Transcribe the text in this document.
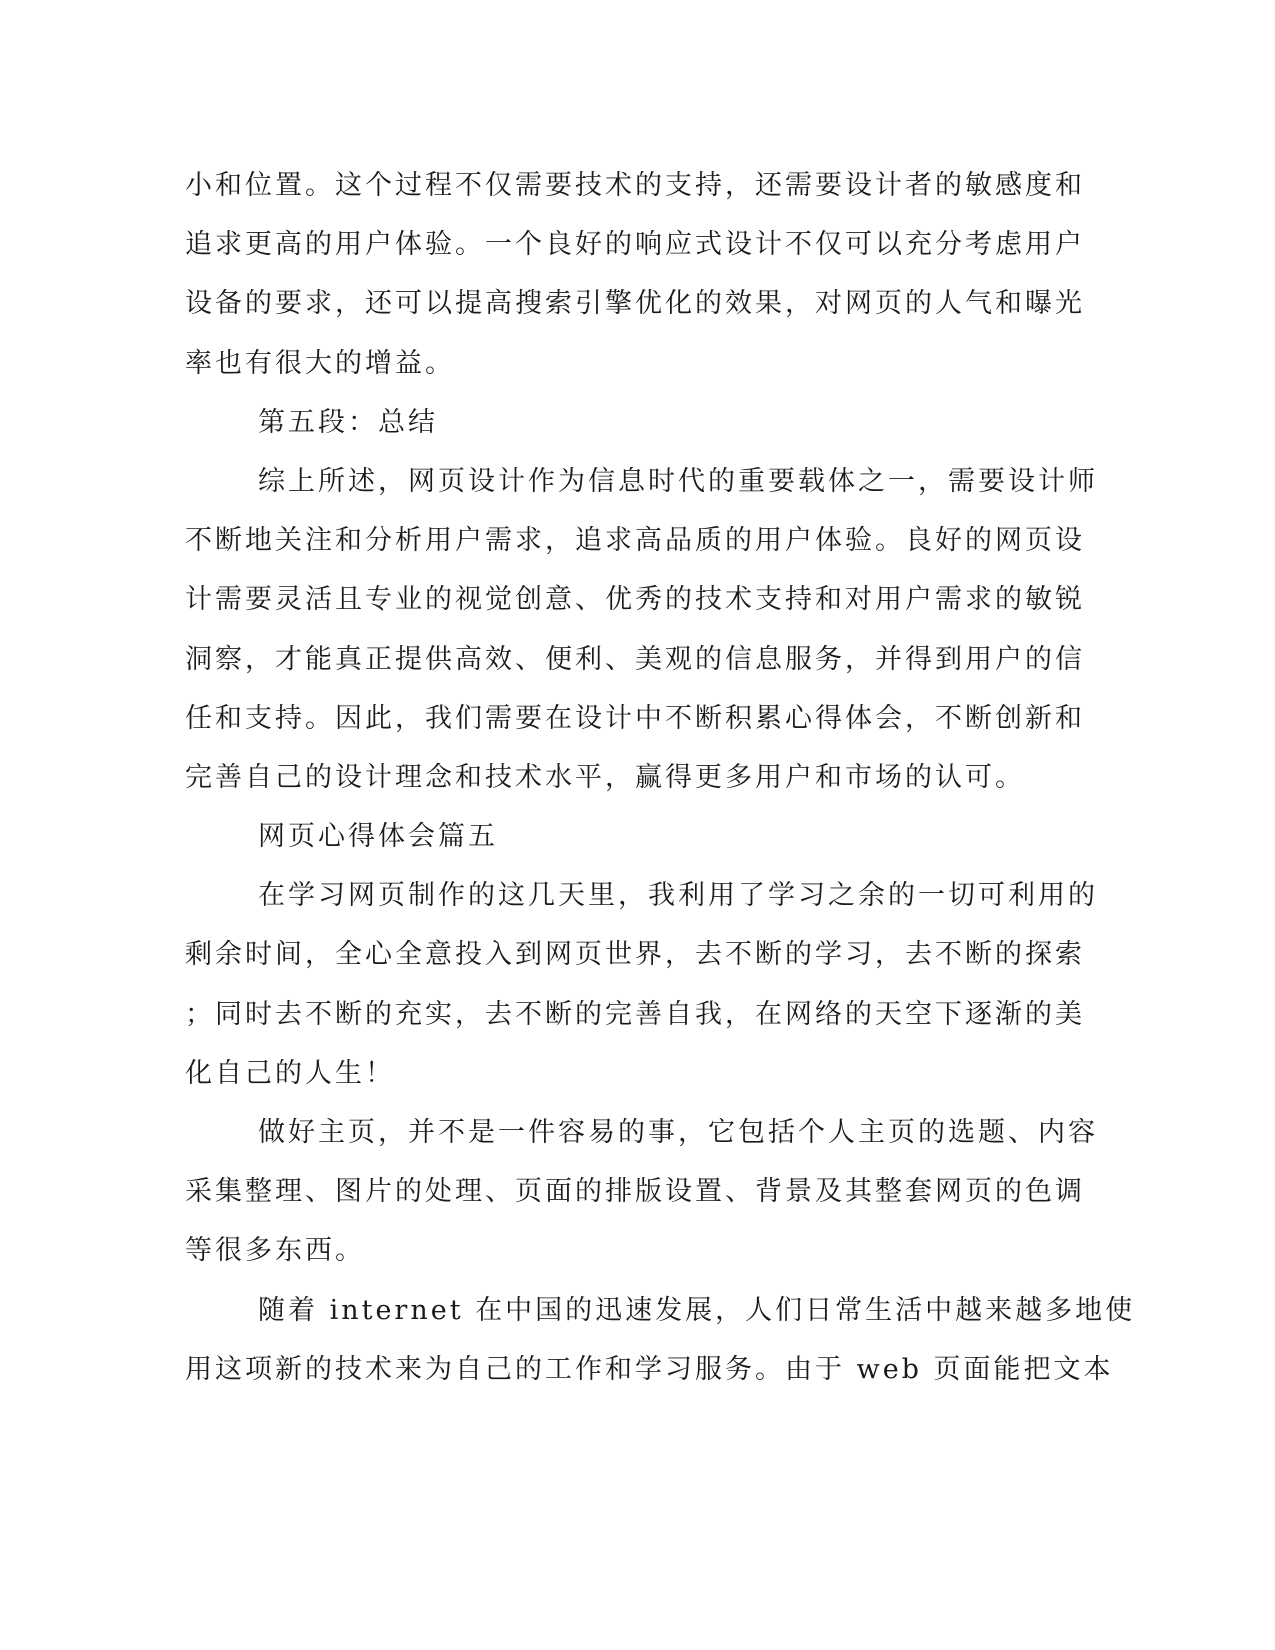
小和位置。这个过程不仅需要技术的支持，还需要设计者的敏感度和
追求更高的用户体验。一个良好的响应式设计不仅可以充分考虑用户
设备的要求，还可以提高搜索引擎优化的效果，对网页的人气和曝光
率也有很大的增益。
第五段：总结
综上所述，网页设计作为信息时代的重要载体之一，需要设计师
不断地关注和分析用户需求，追求高品质的用户体验。良好的网页设
计需要灵活且专业的视觉创意、优秀的技术支持和对用户需求的敏锐
洞察，才能真正提供高效、便利、美观的信息服务，并得到用户的信
任和支持。因此，我们需要在设计中不断积累心得体会，不断创新和
完善自己的设计理念和技术水平，赢得更多用户和市场的认可。
网页心得体会篇五
在学习网页制作的这几天里，我利用了学习之余的一切可利用的
剩余时间，全心全意投入到网页世界，去不断的学习，去不断的探索
；同时去不断的充实，去不断的完善自我，在网络的天空下逐渐的美
化自己的人生！
做好主页，并不是一件容易的事，它包括个人主页的选题、内容
采集整理、图片的处理、页面的排版设置、背景及其整套网页的色调
等很多东西。
随着 internet 在中国的迅速发展，人们日常生活中越来越多地使
用这项新的技术来为自己的工作和学习服务。由于 web 页面能把文本
